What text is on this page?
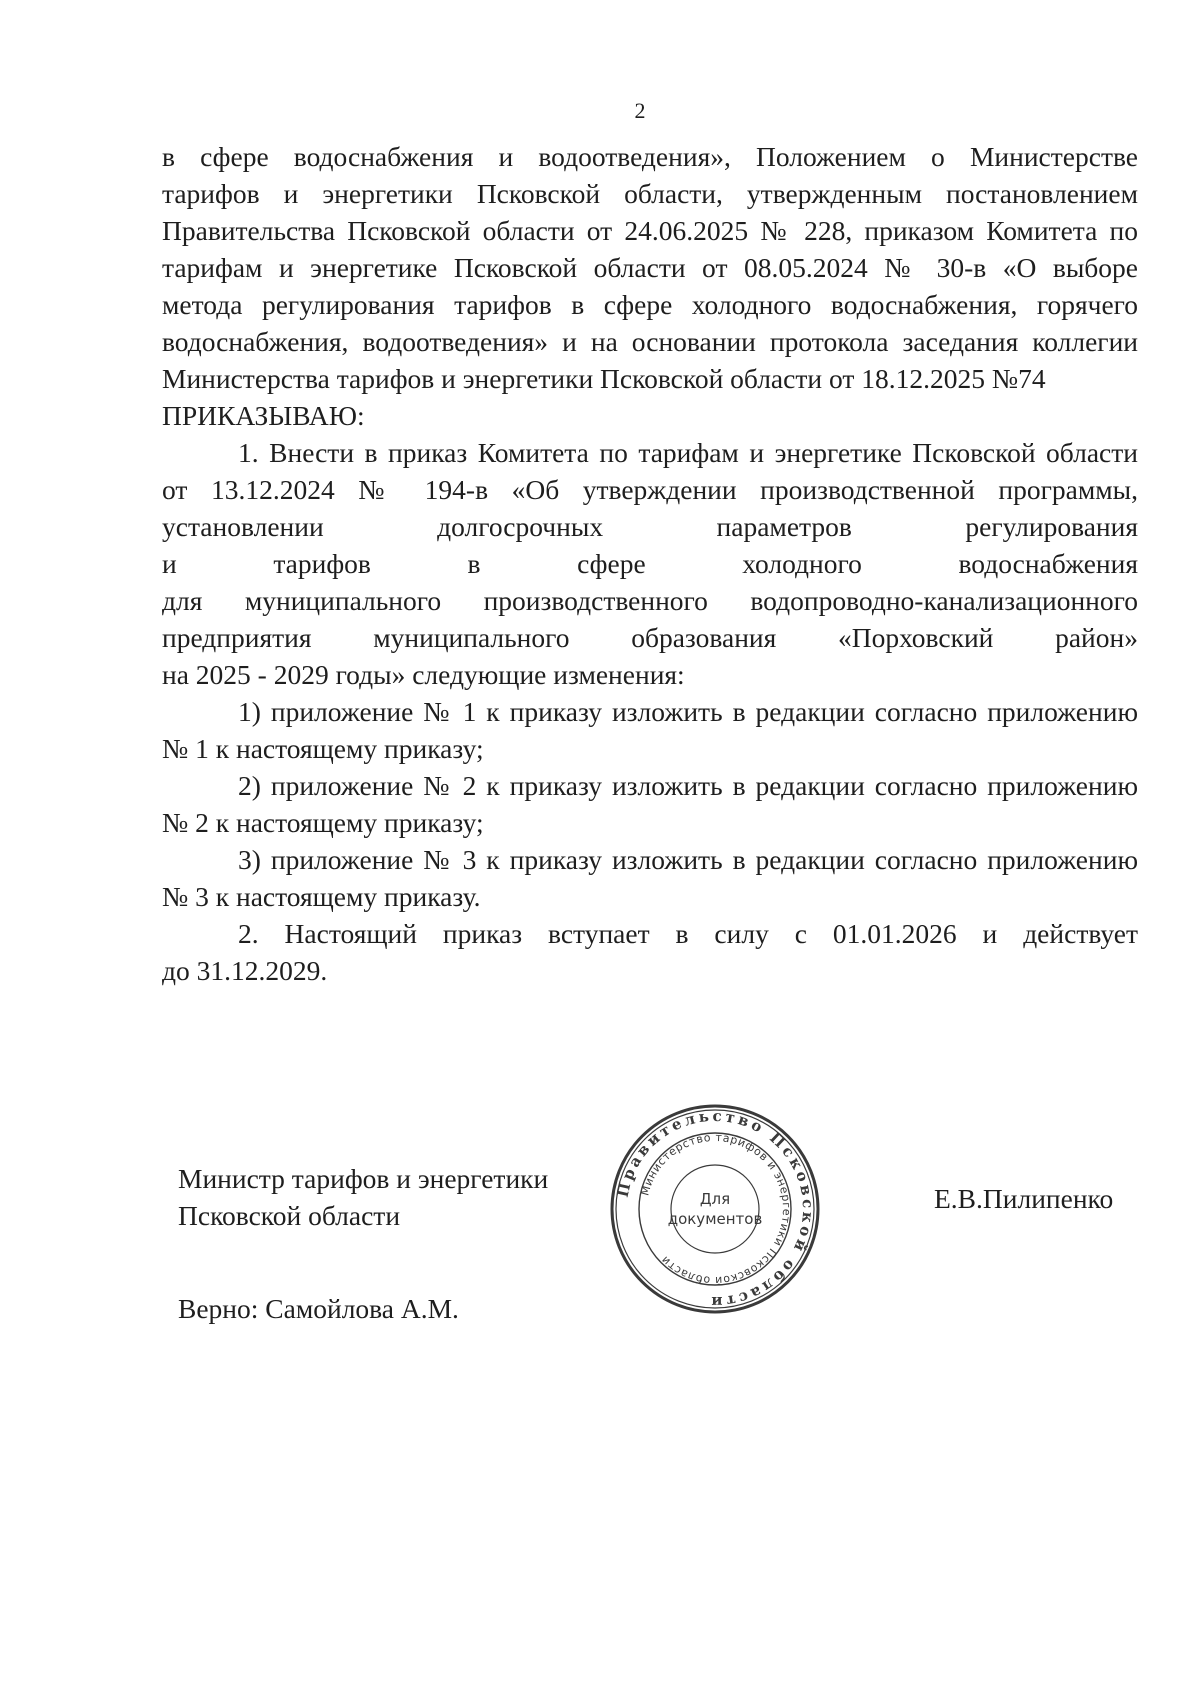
2

в сфере водоснабжения и водоотведения», Положением о Министерстве

тарифов и энергетики Псковской области, утвержденным постановлением

Правительства Псковской области от 24.06.2025 № 228, приказом Комитета по

тарифам и энергетике Псковской области от 08.05.2024 № 30-в «О выборе

метода регулирования тарифов в сфере холодного водоснабжения, горячего

водоснабжения, водоотведения» и на основании протокола заседания коллегии

Министерства тарифов и энергетики Псковской области от 18.12.2025 №74

ПРИКАЗЫВАЮ:

1. Внести в приказ Комитета по тарифам и энергетике Псковской области

от 13.12.2024 № 194-в «Об утверждении производственной программы,

установлении долгосрочных параметров регулирования

и тарифов в сфере холодного водоснабжения

для муниципального производственного водопроводно-канализационного

предприятия муниципального образования «Порховский район»

на 2025 - 2029 годы» следующие изменения:

1) приложение № 1 к приказу изложить в редакции согласно приложению

№ 1 к настоящему приказу;

2) приложение № 2 к приказу изложить в редакции согласно приложению

№ 2 к настоящему приказу;

3) приложение № 3 к приказу изложить в редакции согласно приложению

№ 3 к настоящему приказу.

2. Настоящий приказ вступает в силу с 01.01.2026 и действует

до 31.12.2029.

Министр тарифов и энергетики
Псковской области
Правительство Псковской области
Министерство тарифов и энергетики Псковской области
Для
документов
Е.В.Пилипенко
Верно: Самойлова А.М.
